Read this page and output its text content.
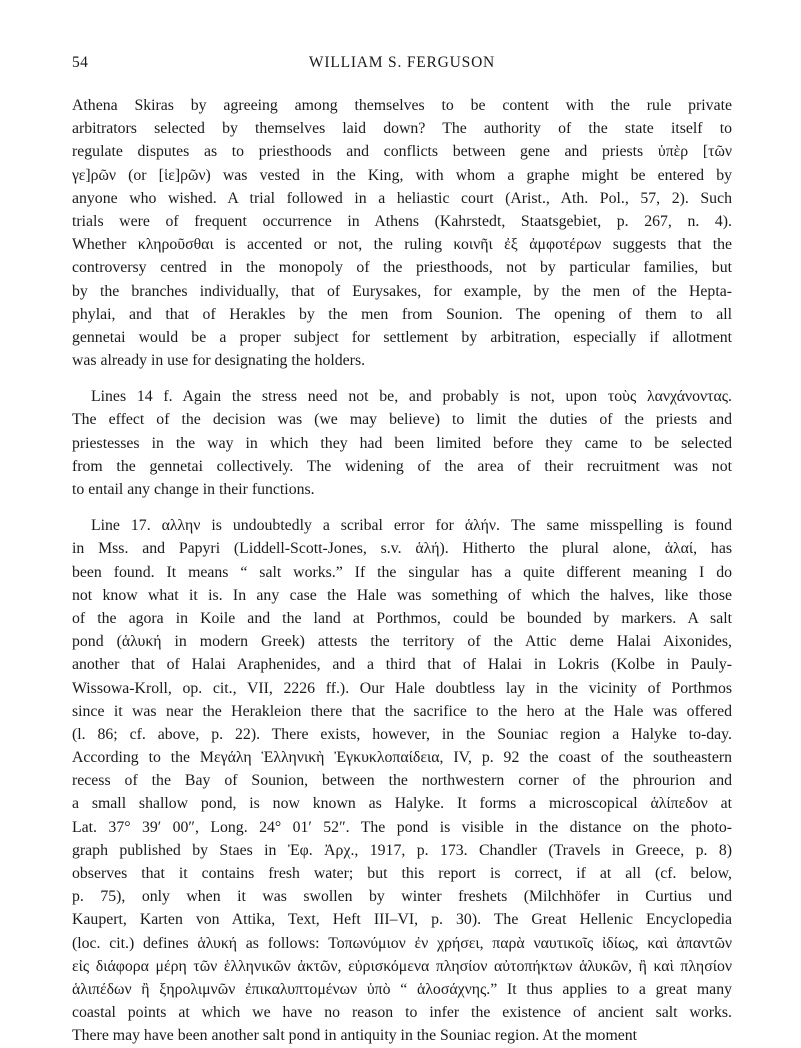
54	WILLIAM S. FERGUSON
Athena Skiras by agreeing among themselves to be content with the rule private
arbitrators selected by themselves laid down? The authority of the state itself to
regulate disputes as to priesthoods and conflicts between gene and priests ὑπὲρ [τῶν
γε]ρῶν (or [ἱε]ρῶν) was vested in the King, with whom a graphe might be entered by
anyone who wished. A trial followed in a heliastic court (Arist., Ath. Pol., 57, 2). Such
trials were of frequent occurrence in Athens (Kahrstedt, Staatsgebiet, p. 267, n. 4).
Whether κληροῦσθαι is accented or not, the ruling κοινῆι ἐξ ἀμφοτέρων suggests that the
controversy centred in the monopoly of the priesthoods, not by particular families, but
by the branches individually, that of Eurysakes, for example, by the men of the Hepta-
phylai, and that of Herakles by the men from Sounion. The opening of them to all
gennetai would be a proper subject for settlement by arbitration, especially if allotment
was already in use for designating the holders.
Lines 14 f. Again the stress need not be, and probably is not, upon τοὺς λανχάνοντας.
The effect of the decision was (we may believe) to limit the duties of the priests and
priestesses in the way in which they had been limited before they came to be selected
from the gennetai collectively. The widening of the area of their recruitment was not
to entail any change in their functions.
Line 17. αλλην is undoubtedly a scribal error for ἁλήν. The same misspelling is found
in Mss. and Papyri (Liddell-Scott-Jones, s.v. ἁλή). Hitherto the plural alone, ἁλαί, has
been found. It means “ salt works.” If the singular has a quite different meaning I do
not know what it is. In any case the Hale was something of which the halves, like those
of the agora in Koile and the land at Porthmos, could be bounded by markers. A salt
pond (ἁλυκή in modern Greek) attests the territory of the Attic deme Halai Aixonides,
another that of Halai Araphenides, and a third that of Halai in Lokris (Kolbe in Pauly-
Wissowa-Kroll, op. cit., VII, 2226 ff.). Our Hale doubtless lay in the vicinity of Porthmos
since it was near the Herakleion there that the sacrifice to the hero at the Hale was offered
(l. 86; cf. above, p. 22). There exists, however, in the Souniac region a Halyke to-day.
According to the Μεγάλη Ἑλληνικὴ Ἐγκυκλοπαίδεια, IV, p. 92 the coast of the southeastern
recess of the Bay of Sounion, between the northwestern corner of the phrourion and
a small shallow pond, is now known as Halyke. It forms a microscopical ἁλίπεδον at
Lat. 37° 39′ 00″, Long. 24° 01′ 52″. The pond is visible in the distance on the photo-
graph published by Staes in Ἐφ. Ἀρχ., 1917, p. 173. Chandler (Travels in Greece, p. 8)
observes that it contains fresh water; but this report is correct, if at all (cf. below,
p. 75), only when it was swollen by winter freshets (Milchhöfer in Curtius und
Kaupert, Karten von Attika, Text, Heft III–VI, p. 30). The Great Hellenic Encyclopedia
(loc. cit.) defines ἁλυκή as follows: Τοπωνύμιον ἐν χρήσει, παρὰ ναυτικοῖς ἰδίως, καὶ ἀπαντῶν
εἰς διάφορα μέρη τῶν ἑλληνικῶν ἀκτῶν, εὑρισκόμενα πλησίον αὐτοπήκτων ἁλυκῶν, ἢ καὶ πλησίον
ἁλιπέδων ἢ ξηρολιμνῶν ἐπικαλυπτομένων ὑπὸ “ ἁλοσάχνης.” It thus applies to a great many
coastal points at which we have no reason to infer the existence of ancient salt works.
There may have been another salt pond in antiquity in the Souniac region. At the moment
